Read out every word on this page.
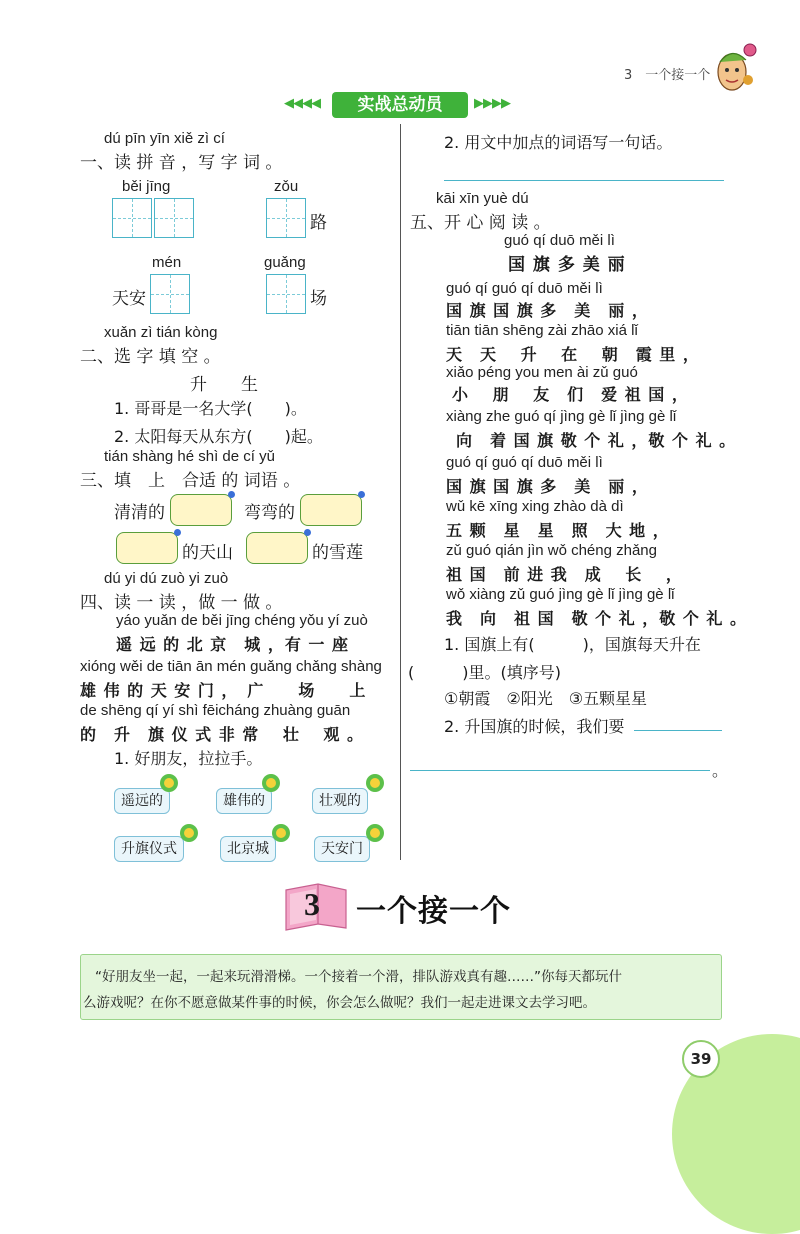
3　一个接一个
◀◀◀◀	实战总动员	▶▶▶▶
dú pīn yīn xiě zì cí
一、读 拼 音 ，写 字 词 。
běi jīng	zǒu
路
mén
天安
guǎng
场
xuǎn zì tián kòng
二、选 字 填 空 。
升　　生
1. 哥哥是一名大学(　　)。
2. 太阳每天从东方(　　)起。
tián shàng hé shì de cí yǔ
三、填　上　合适 的 词语 。
清清的	弯弯的
的天山	的雪莲
dú yi dú zuò yi zuò
四、读 一 读 ，做 一 做 。
yáo yuǎn de běi jīng chéng yǒu yí zuò
遥 远 的 北 京　城 ，有 一 座
xióng wěi de tiān ān mén guǎng chǎng shàng
雄 伟 的 天 安 门 ，　广　　场　　上
de shēng qí yí shì fēicháng zhuàng guān
的　升　旗 仪 式 非 常　 壮　 观 。
1. 好朋友，拉拉手。
遥远的	雄伟的	壮观的
升旗仪式	北京城	天安门
2. 用文中加点的词语写一句话。
kāi xīn yuè dú
五、开 心 阅 读 。
guó qí duō měi lì
国 旗 多 美 丽
guó qí guó qí duō měi lì
国 旗 国 旗 多　美　丽 ，
tiān tiān shēng zài zhāo xiá lǐ
天　天　 升　 在　 朝　霞 里 ，
xiǎo péng you men ài zǔ guó
小　 朋　 友　们　爱 祖 国 ，
xiàng zhe guó qí jìng gè lǐ jìng gè lǐ
向　着 国 旗 敬 个 礼 ，敬 个 礼 。
guó qí guó qí duō měi lì
国 旗 国 旗 多　美　丽 ，
wǔ kē xīng xing zhào dà dì
五 颗　星　星　照　大 地 ，
zǔ guó qián jìn wǒ chéng zhǎng
祖 国　前 进 我　成　 长　 ，
wǒ xiàng zǔ guó jìng gè lǐ jìng gè lǐ
我　向　祖 国　敬 个 礼 ，敬 个 礼 。
1. 国旗上有(　　　)，国旗每天升在
(　　　)里。(填序号)
①朝霞　②阳光　③五颗星星
2. 升国旗的时候，我们要
。
3 一个接一个
“好朋友坐一起，一起来玩滑滑梯。一个接着一个滑，排队游戏真有趣……”你每天都玩什
么游戏呢？在你不愿意做某件事的时候，你会怎么做呢？我们一起走进课文去学习吧。
39
